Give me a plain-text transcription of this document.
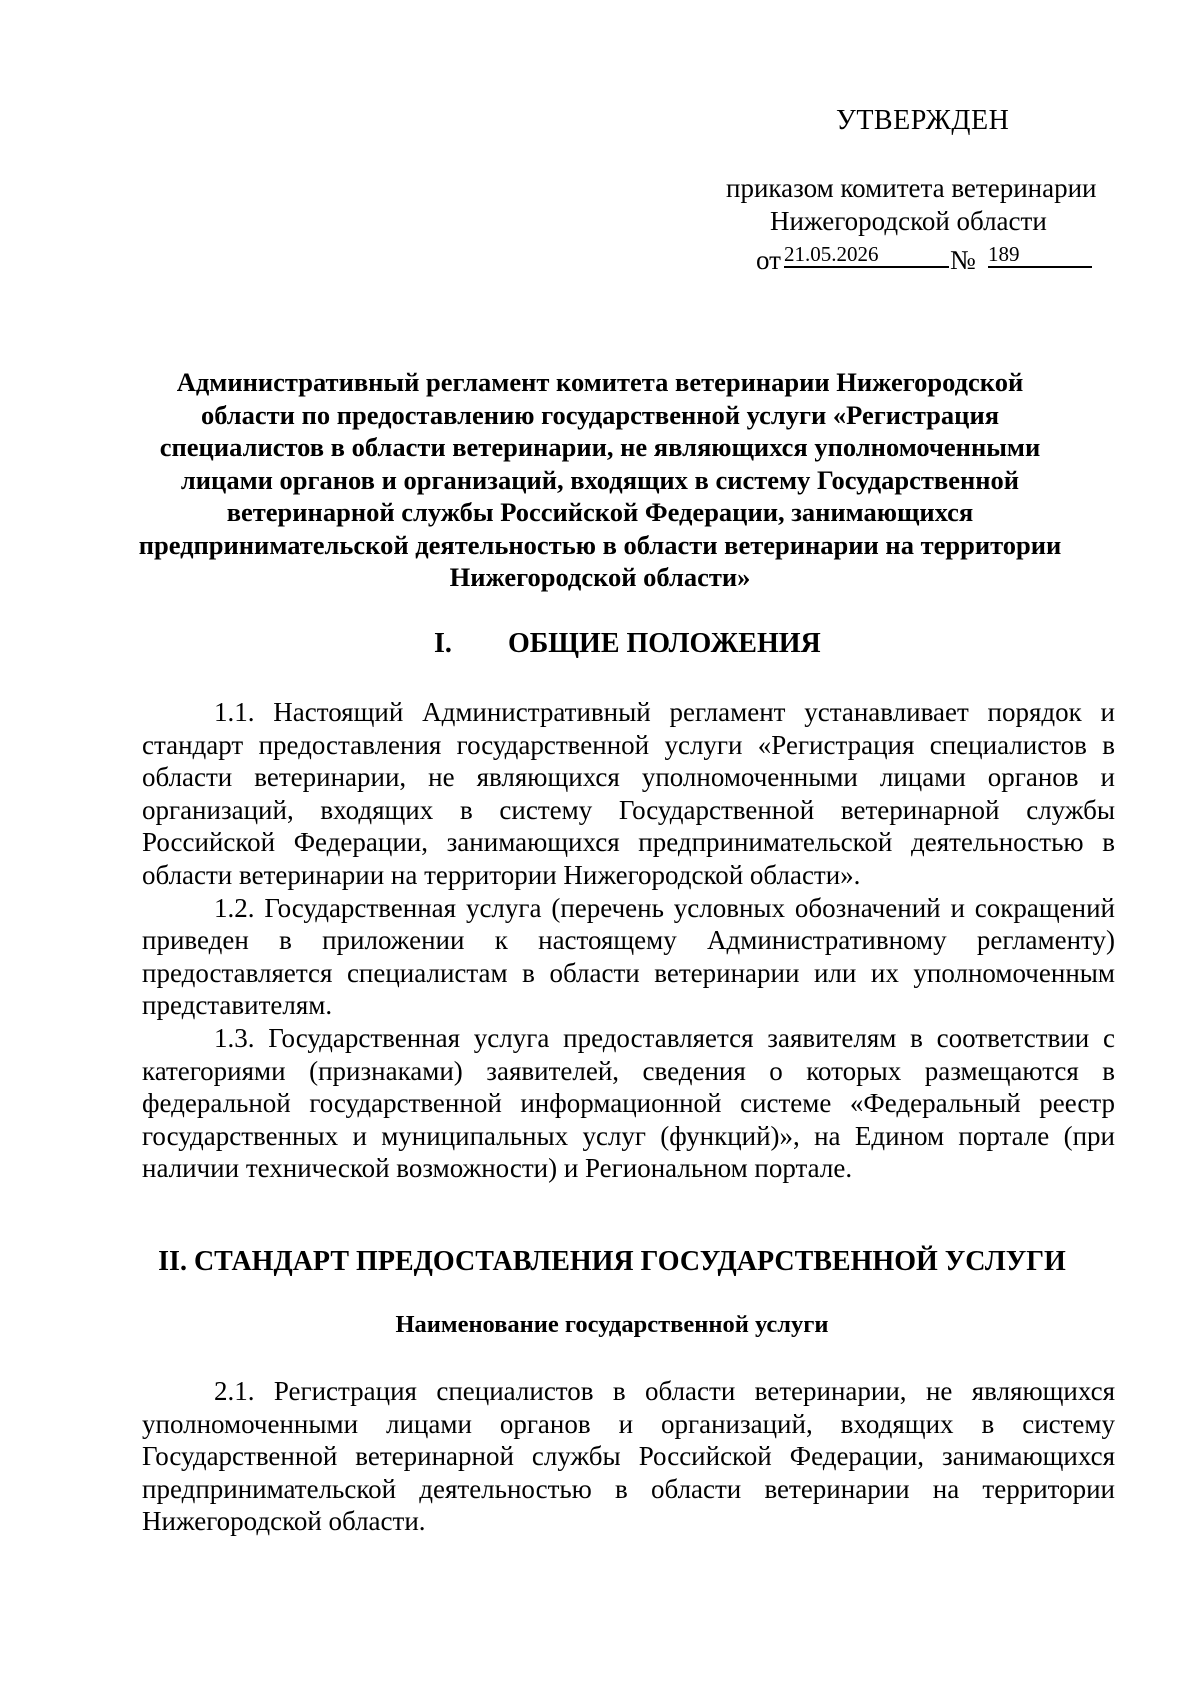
УТВЕРЖДЕН
приказом комитета ветеринарии
Нижегородской области
от 21.05.2026	№ 189
Административный регламент комитета ветеринарии Нижегородской области по предоставлению государственной услуги «Регистрация специалистов в области ветеринарии, не являющихся уполномоченными лицами органов и организаций, входящих в систему Государственной ветеринарной службы Российской Федерации, занимающихся предпринимательской деятельностью в области ветеринарии на территории Нижегородской области»
I. ОБЩИЕ ПОЛОЖЕНИЯ

1.1. Настоящий Административный регламент устанавливает порядок и стандарт предоставления государственной услуги «Регистрация специалистов в области ветеринарии, не являющихся уполномоченными лицами органов и организаций, входящих в систему Государственной ветеринарной службы Российской Федерации, занимающихся предпринимательской деятельностью в области ветеринарии на территории Нижегородской области».

1.2. Государственная услуга (перечень условных обозначений и сокращений приведен в приложении к настоящему Административному регламенту) предоставляется специалистам в области ветеринарии или их уполномоченным представителям.

1.3. Государственная услуга предоставляется заявителям в соответствии с категориями (признаками) заявителей, сведения о которых размещаются в федеральной государственной информационной системе «Федеральный реестр государственных и муниципальных услуг (функций)», на Едином портале (при наличии технической возможности) и Региональном портале.

II. СТАНДАРТ ПРЕДОСТАВЛЕНИЯ ГОСУДАРСТВЕННОЙ УСЛУГИ
Наименование государственной услуги

2.1. Регистрация специалистов в области ветеринарии, не являющихся уполномоченными лицами органов и организаций, входящих в систему Государственной ветеринарной службы Российской Федерации, занимающихся предпринимательской деятельностью в области ветеринарии на территории Нижегородской области.
